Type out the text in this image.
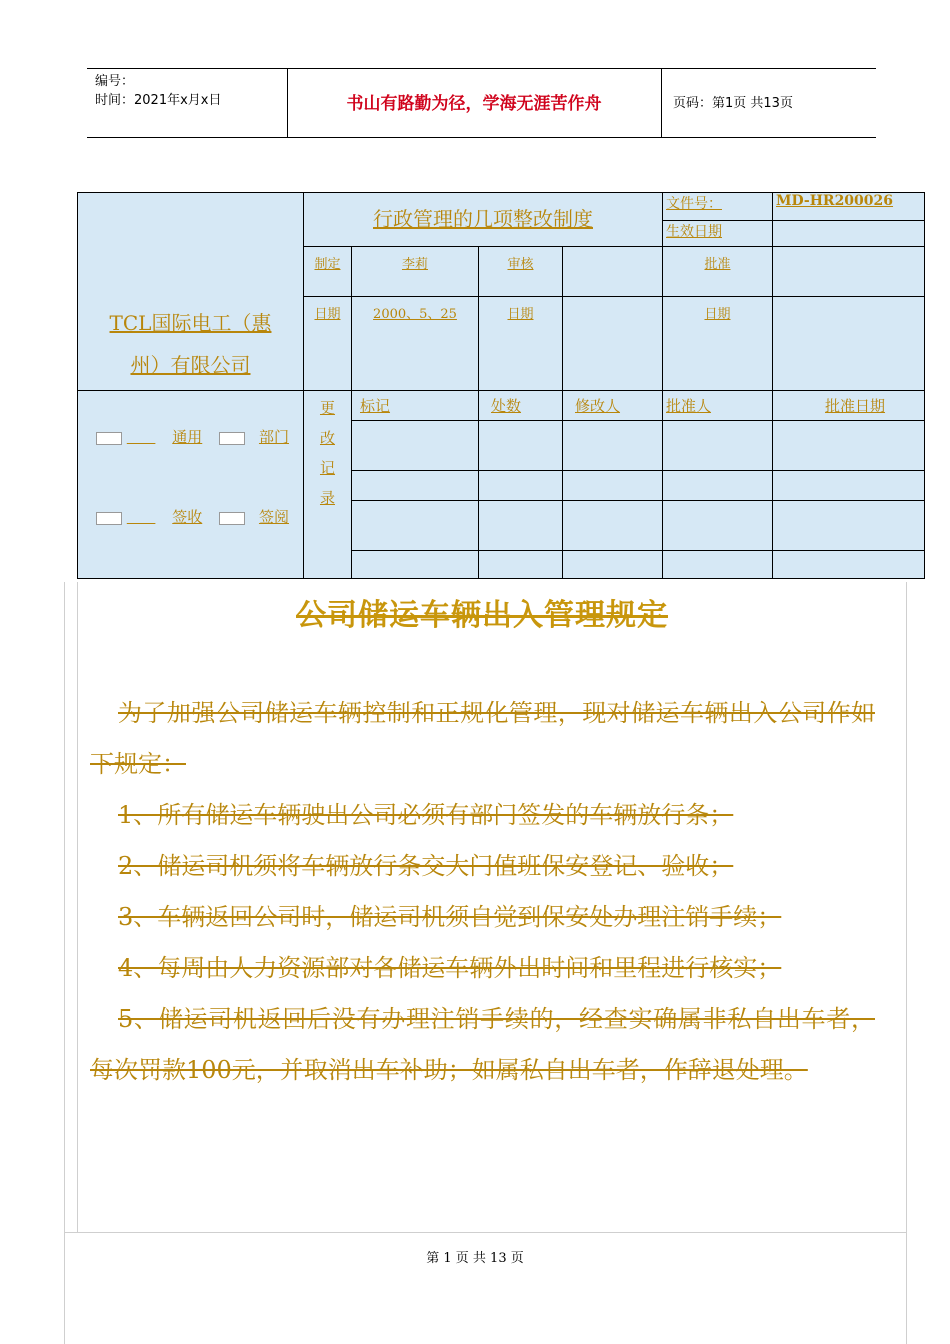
编号：
时间：2021年x月x日	书山有路勤为径，学海无涯苦作舟	页码：第1页 共13页
TCL国际电工（惠州）有限公司	行政管理的几项整改制度				文件号：	MD-HR200026
					生效日期	
	制定	李莉	审核		批准	
	日期	2000、5、25	日期		日期	

通用 部门

签收 签阅	更改记录	标记	处数	修改人	批准人	批准日期

公司储运车辆出入管理规定

为了加强公司储运车辆控制和正规化管理，现对储运车辆出入公司作如下规定：

1、所有储运车辆驶出公司必须有部门签发的车辆放行条；

2、储运司机须将车辆放行条交大门值班保安登记、验收；

3、车辆返回公司时，储运司机须自觉到保安处办理注销手续；

4、每周由人力资源部对各储运车辆外出时间和里程进行核实；

5、储运司机返回后没有办理注销手续的，经查实确属非私自出车者，每次罚款100元，并取消出车补助；如属私自出车者，作辞退处理。

第 1 页 共 13 页
